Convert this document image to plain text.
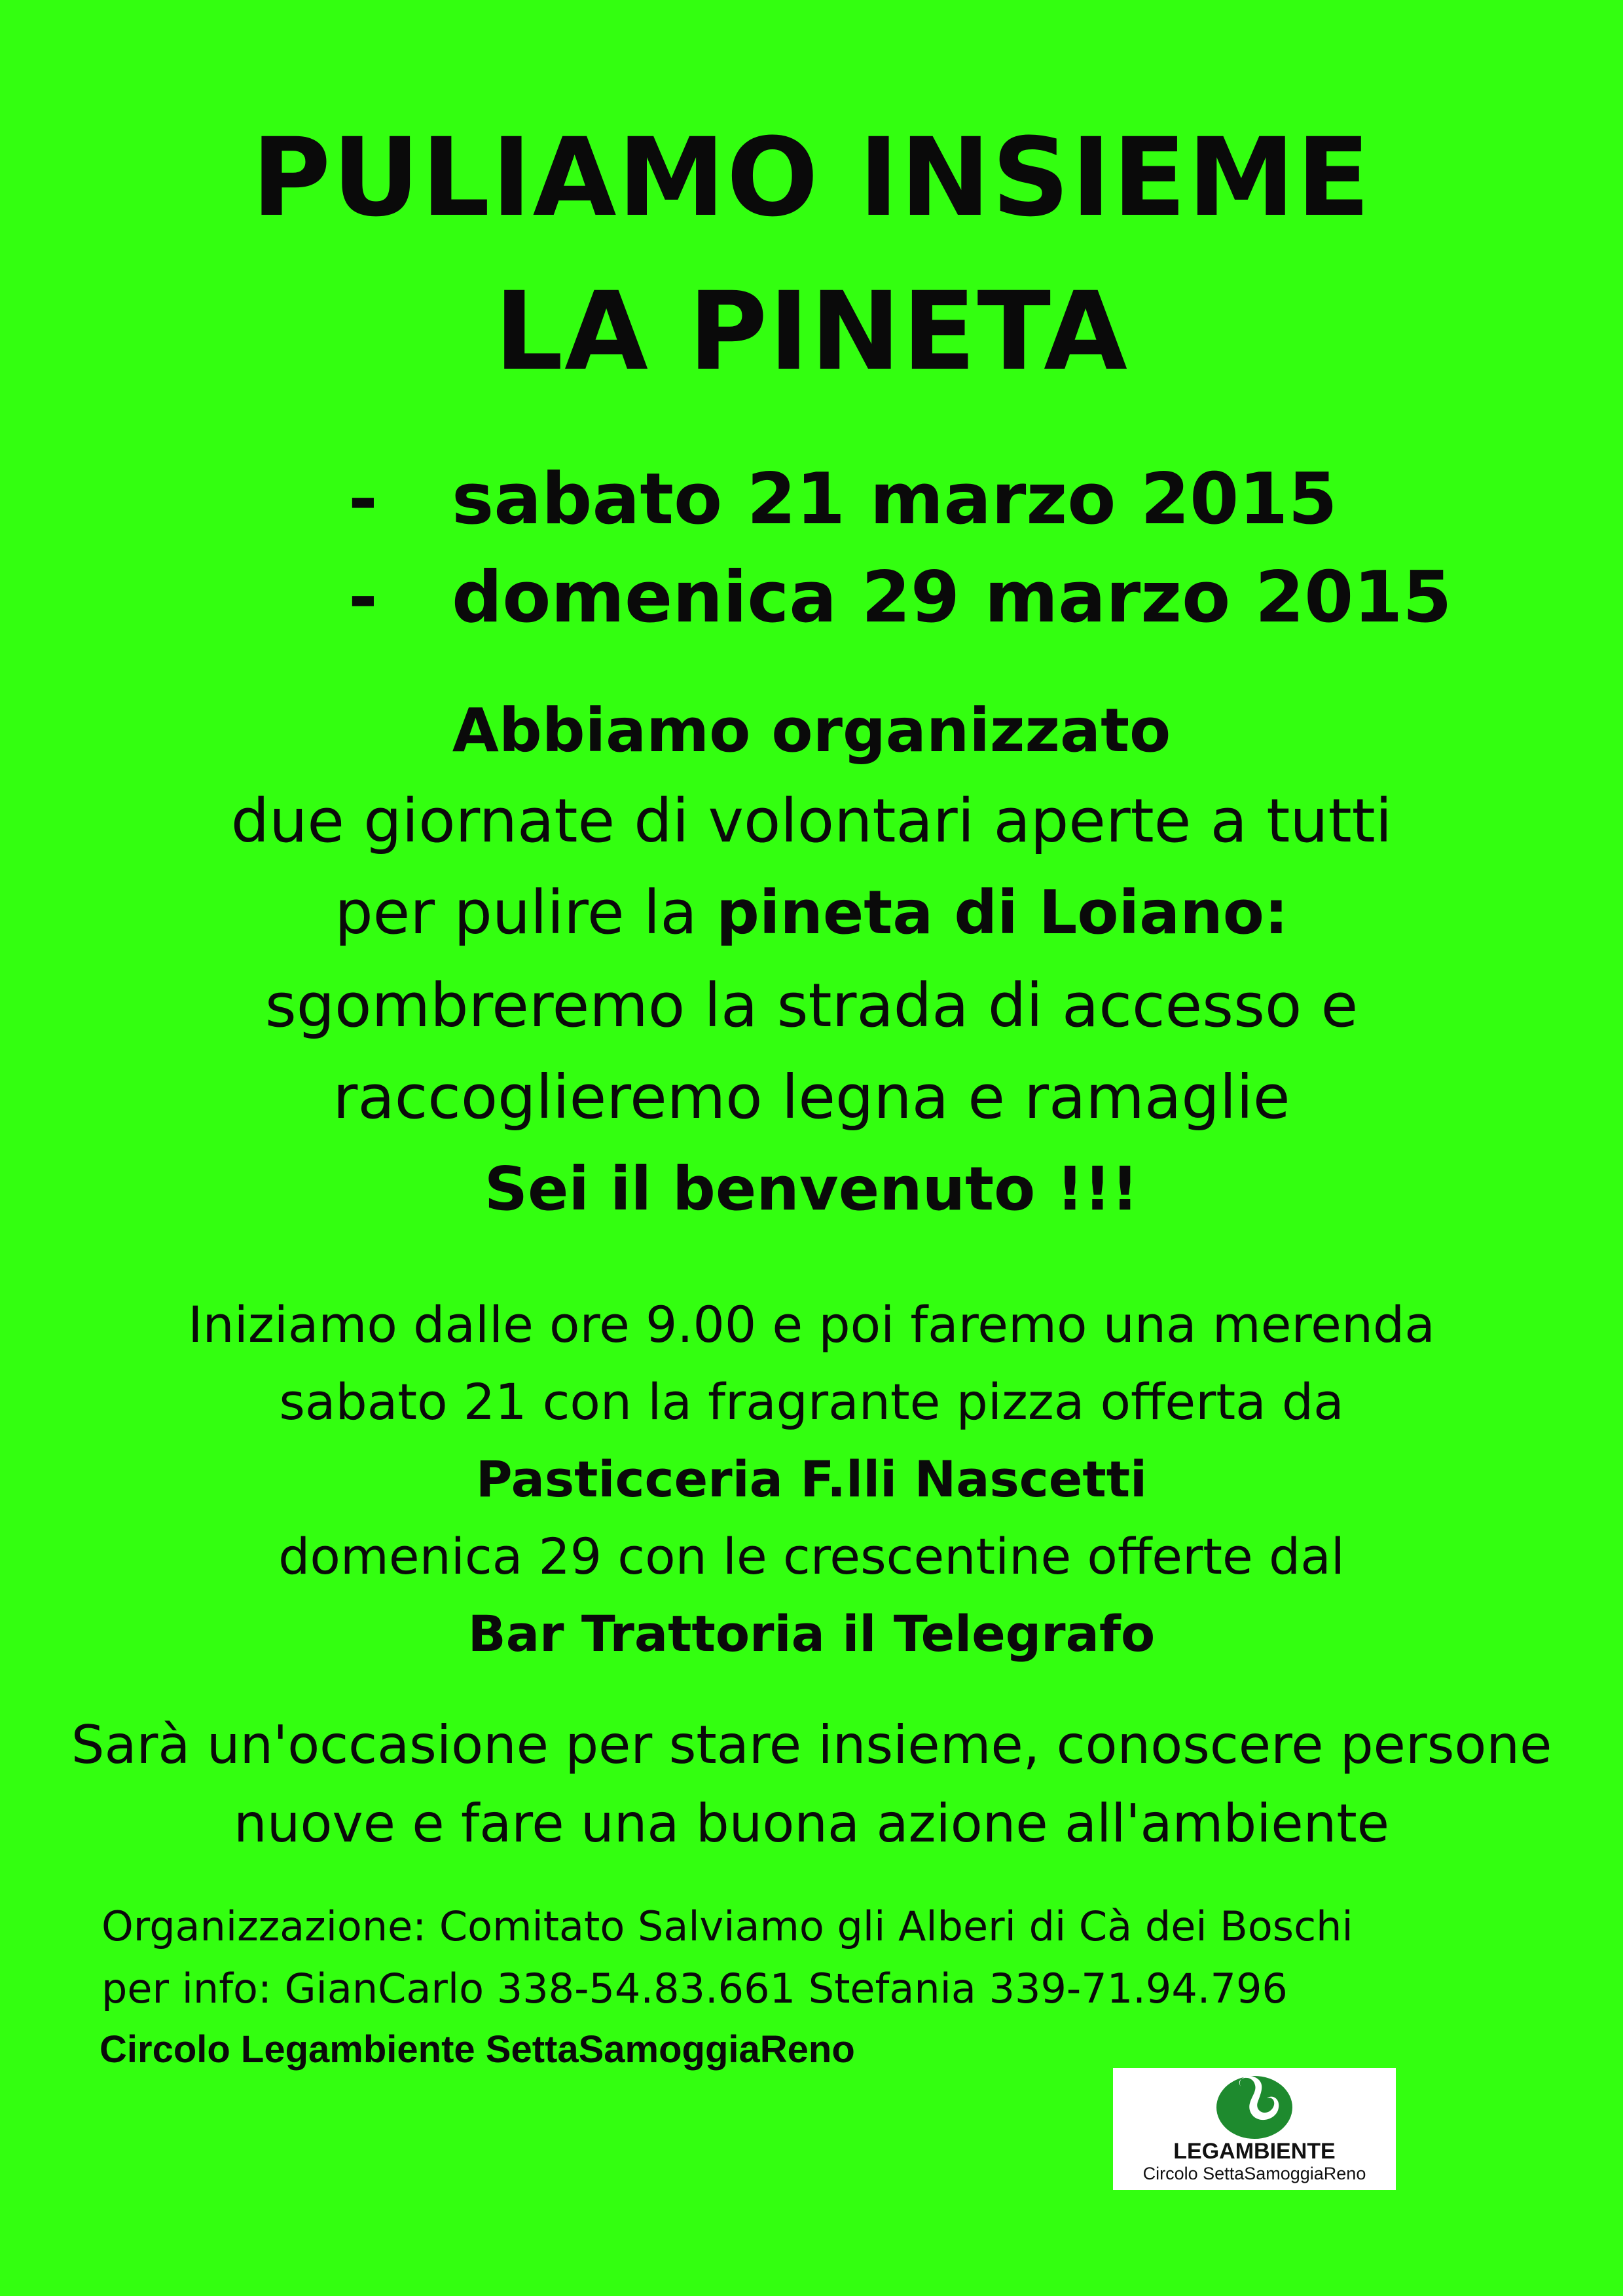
PULIAMO INSIEME
LA PINETA
- sabato 21 marzo 2015
- domenica 29 marzo 2015
Abbiamo organizzato
due giornate di volontari aperte a tutti
per pulire la pineta di Loiano:
sgombreremo la strada di accesso e
raccoglieremo legna e ramaglie
Sei il benvenuto !!!
Iniziamo dalle ore 9.00 e poi faremo una merenda
sabato 21 con la fragrante pizza offerta da
Pasticceria F.lli Nascetti
domenica 29 con le crescentine offerte dal
Bar Trattoria il Telegrafo
Sarà un'occasione per stare insieme, conoscere persone
nuove e fare una buona azione all'ambiente
Organizzazione: Comitato Salviamo gli Alberi di Cà dei Boschi
per info: GianCarlo 338-54.83.661 Stefania 339-71.94.796
Circolo Legambiente SettaSamoggiaReno
LEGAMBIENTE
Circolo SettaSamoggiaReno
